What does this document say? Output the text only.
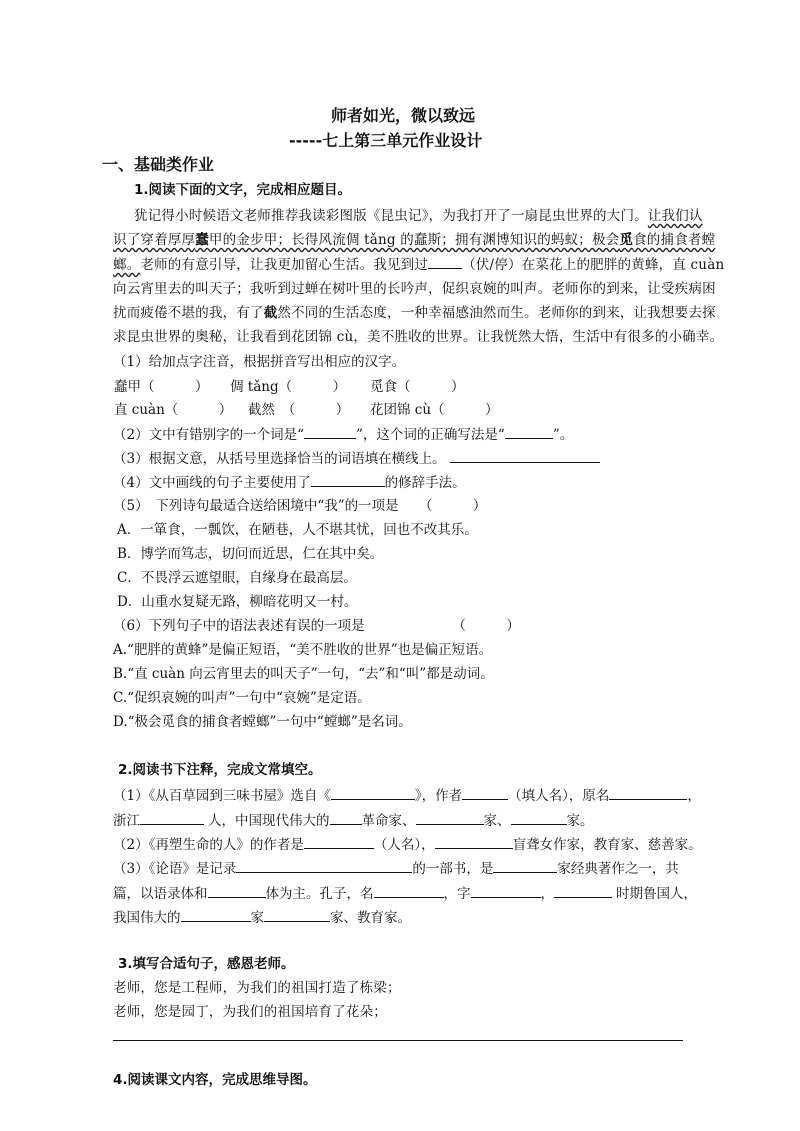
师者如光，微以致远
-----七上第三单元作业设计
一、基础类作业
1.阅读下面的文字，完成相应题目。
犹记得小时候语文老师推荐我读彩图版《昆虫记》，为我打开了一扇昆虫世界的大门。让我们认
识了穿着厚厚蠢甲的金步甲；长得风流倜 tǎng 的蠢斯；拥有渊博知识的蚂蚁；极会觅食的捕食者螳
螂。老师的有意引导，让我更加留心生活。我见到过	（伏/停）在菜花上的肥胖的黄蜂，直 cuàn
向云宵里去的叫天子；我听到过蝉在树叶里的长吟声，促织哀婉的叫声。老师你的到来，让受疾病困
扰而疲倦不堪的我，有了截然不同的生活态度，一种幸福感油然而生。老师你的到来，让我想要去探
求昆虫世界的奥秘，让我看到花团锦 cù，美不胜收的世界。让我恍然大悟，生活中有很多的小确幸。
（1）给加点字注音，根据拼音写出相应的汉字。
蠢甲（　　　） 倜 tǎng（　　　） 觅食（　　　）
直 cuàn（　　　） 截然　（　　　） 花团锦 cù（　　　）
（2）文中有错别字的一个词是“	”，这个词的正确写法是“	”。
（3）根据文意，从括号里选择恰当的词语填在横线上。
（4）文中画线的句子主要使用了	的修辞手法。
（5）　下列诗句最适合送给困境中“我”的一项是　　（　　　）
A．一箪食，一瓢饮，在陋巷，人不堪其忧，回也不改其乐。
B．博学而笃志，切问而近思，仁在其中矣。
C．不畏浮云遮望眼，自缘身在最高层。
D．山重水复疑无路，柳暗花明又一村。
（6）下列句子中的语法表述有误的一项是　　　　　　　（　　　）
A.“肥胖的黄蜂”是偏正短语，“美不胜收的世界”也是偏正短语。
B.“直 cuàn 向云宵里去的叫天子”一句，“去”和“叫”都是动词。
C.“促织哀婉的叫声”一句中“哀婉”是定语。
D.“极会觅食的捕食者螳螂”一句中“螳螂”是名词。
2.阅读书下注释，完成文常填空。
（1）《从百草园到三味书屋》选自《	》，作者	（填人名），原名	，
浙江	人，中国现代伟大的 革命家、	家、	家。
（2）《再塑生命的人》的作者是	（人名），	盲聋女作家，教育家、慈善家。
（3）《论语》是记录	的一部书，是	家经典著作之一，共
篇，以语录体和	体为主。孔子，名	，字	，	时期鲁国人，
我国伟大的	家	家、教育家。
3.填写合适句子，感恩老师。
老师，您是工程师，为我们的祖国打造了栋梁；
老师，您是园丁，为我们的祖国培育了花朵；
4.阅读课文内容，完成思维导图。
